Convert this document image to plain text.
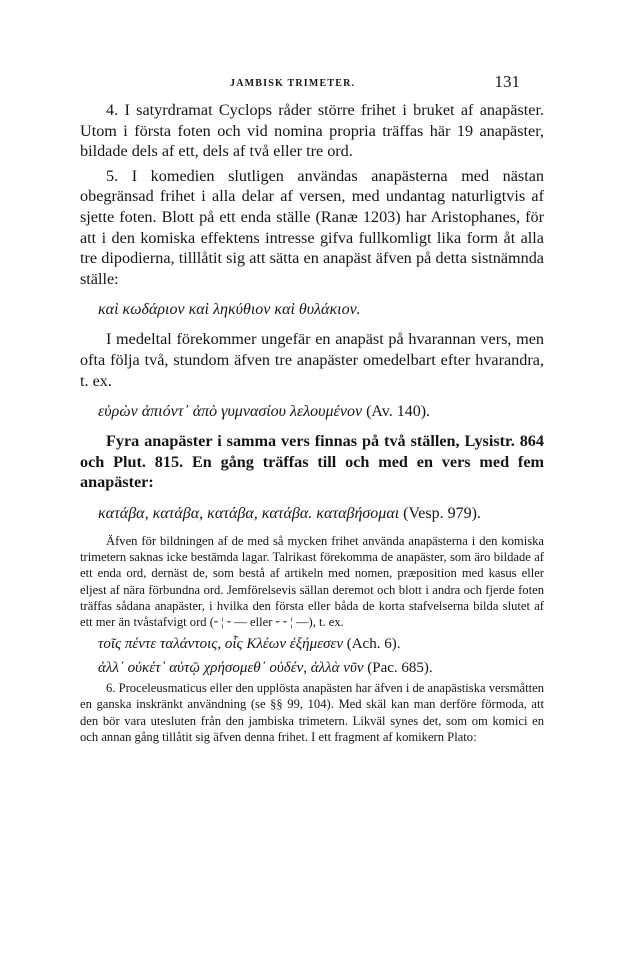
JAMBISK TRIMETER.	131

4. I satyrdramat Cyclops råder större frihet i bruket af anapäster. Utom i första foten och vid nomina propria träffas här 19 anapäster, bildade dels af ett, dels af två eller tre ord.

5. I komedien slutligen användas anapästerna med nästan obegränsad frihet i alla delar af versen, med undantag naturligtvis af sjette foten. Blott på ett enda ställe (Ranæ 1203) har Aristophanes, för att i den komiska effektens intresse gifva fullkomligt lika form åt alla tre dipodierna, tilllåtit sig att sätta en anapäst äfven på detta sistnämnda ställe:

καὶ κωδάριον καὶ ληκύθιον καὶ θυλάκιον.

I medeltal förekommer ungefär en anapäst på hvarannan vers, men ofta följa två, stundom äfven tre anapäster omedelbart efter hvarandra, t. ex.

εὑρὼν ἀπιόντ᾽ ἀπὸ γυμνασίου λελουμένον (Av. 140).

Fyra anapäster i samma vers finnas på två ställen, Lysistr. 864 och Plut. 815. En gång träffas till och med en vers med fem anapäster:

κατάβα, κατάβα, κατάβα, κατάβα. καταβήσομαι (Vesp. 979).

Äfven för bildningen af de med så mycken frihet använda anapästerna i den komiska trimetern saknas icke bestämda lagar. Talrikast förekomma de anapäster, som äro bildade af ett enda ord, dernäst de, som bestå af artikeln med nomen, præposition med kasus eller eljest af nära förbundna ord. Jemförelsevis sällan deremot och blott i andra och fjerde foten träffas sådana anapäster, i hvilka den första eller båda de korta stafvelserna bilda slutet af ett mer än tvåstafvigt ord (⏑ ¦ ⏑ — eller ⏑ ⏑ ¦ —), t. ex.

τοῖς πέντε ταλάντοις, οἷς Κλέων ἐξήμεσεν (Ach. 6).

ἀλλ᾽ οὐκέτ᾽ αὐτῷ χρήσομεθ᾽ οὐδέν, ἀλλὰ νῦν (Pac. 685).

6. Proceleusmaticus eller den upplösta anapästen har äfven i de anapästiska versmåtten en ganska inskränkt användning (se §§ 99, 104). Med skäl kan man derföre förmoda, att den bör vara utesluten från den jambiska trimetern. Likväl synes det, som om komici en och annan gång tillåtit sig äfven denna frihet. I ett fragment af komikern Plato:
